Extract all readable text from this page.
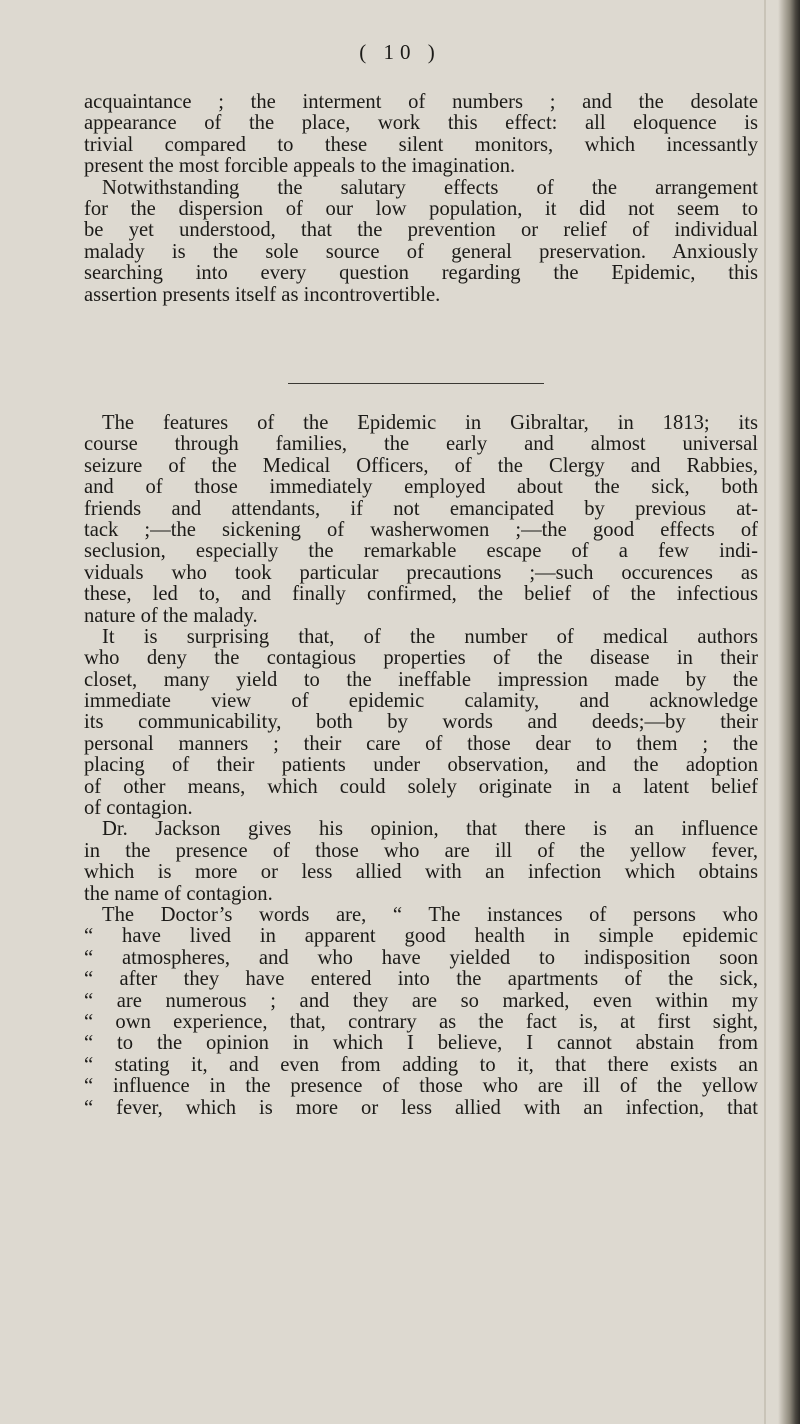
( 10 )
acquaintance ; the interment of numbers ; and the desolate
appearance of the place, work this effect: all eloquence is
trivial compared to these silent monitors, which incessantly
present the most forcible appeals to the imagination.
Notwithstanding the salutary effects of the arrangement
for the dispersion of our low population, it did not seem to
be yet understood, that the prevention or relief of individual
malady is the sole source of general preservation. Anxiously
searching into every question regarding the Epidemic, this
assertion presents itself as incontrovertible.
The features of the Epidemic in Gibraltar, in 1813; its
course through families, the early and almost universal
seizure of the Medical Officers, of the Clergy and Rabbies,
and of those immediately employed about the sick, both
friends and attendants, if not emancipated by previous at-
tack ;—the sickening of washerwomen ;—the good effects of
seclusion, especially the remarkable escape of a few indi-
viduals who took particular precautions ;—such occurences as
these, led to, and finally confirmed, the belief of the infectious
nature of the malady.
It is surprising that, of the number of medical authors
who deny the contagious properties of the disease in their
closet, many yield to the ineffable impression made by the
immediate view of epidemic calamity, and acknowledge
its communicability, both by words and deeds;—by their
personal manners ; their care of those dear to them ; the
placing of their patients under observation, and the adoption
of other means, which could solely originate in a latent belief
of contagion.
Dr. Jackson gives his opinion, that there is an influence
in the presence of those who are ill of the yellow fever,
which is more or less allied with an infection which obtains
the name of contagion.
The Doctor’s words are, “ The instances of persons who
“ have lived in apparent good health in simple epidemic
“ atmospheres, and who have yielded to indisposition soon
“ after they have entered into the apartments of the sick,
“ are numerous ; and they are so marked, even within my
“ own experience, that, contrary as the fact is, at first sight,
“ to the opinion in which I believe, I cannot abstain from
“ stating it, and even from adding to it, that there exists an
“ influence in the presence of those who are ill of the yellow
“ fever, which is more or less allied with an infection, that
